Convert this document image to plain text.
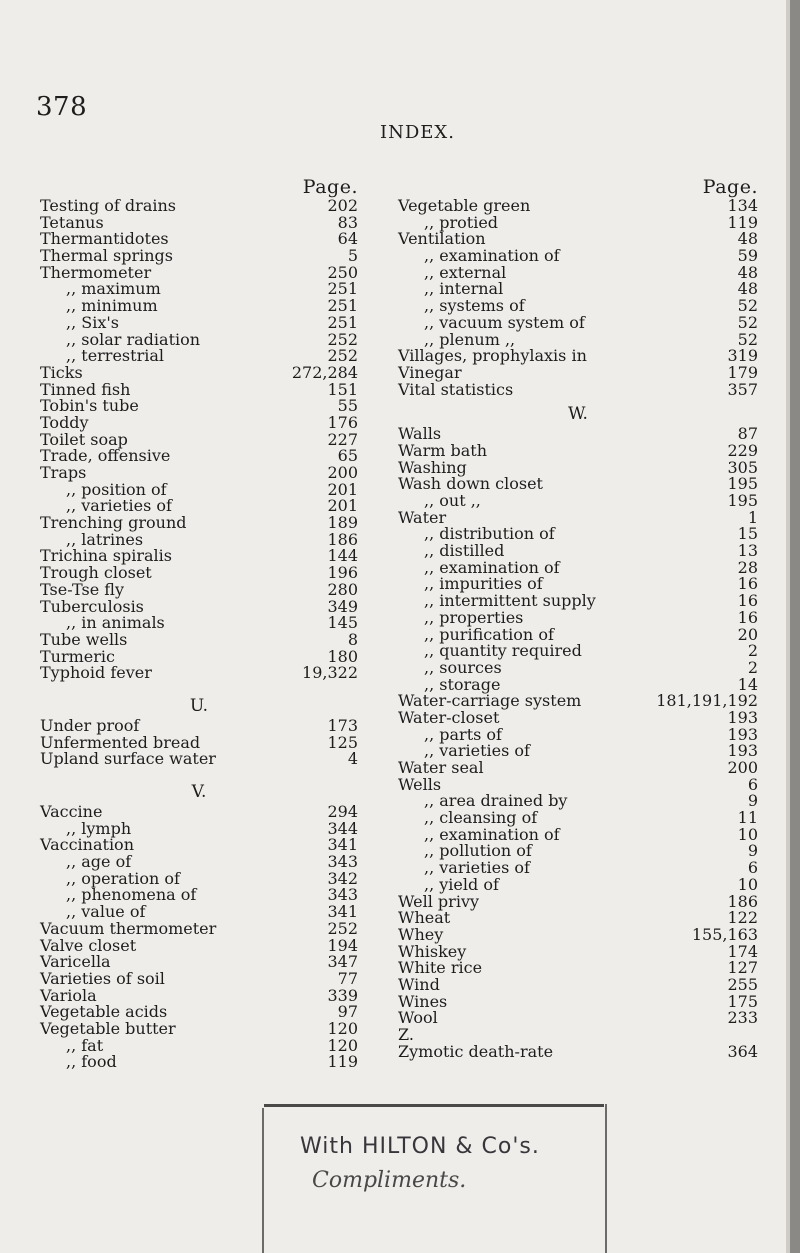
378
INDEX.
Page.
Testing of drains	202
Tetanus	83
Thermantidotes	64
Thermal springs	5
Thermometer	250
,, maximum	251
,, minimum	251
,, Six's	251
,, solar radiation	252
,, terrestrial	252
Ticks	272,284
Tinned fish	151
Tobin's tube	55
Toddy	176
Toilet soap	227
Trade, offensive	65
Traps	200
,, position of	201
,, varieties of	201
Trenching ground	189
,, latrines	186
Trichina spiralis	144
Trough closet	196
Tse-Tse fly	280
Tuberculosis	349
,, in animals	145
Tube wells	8
Turmeric	180
Typhoid fever	19,322
U.
Under proof	173
Unfermented bread	125
Upland surface water	4
V.
Vaccine	294
,, lymph	344
Vaccination	341
,, age of	343
,, operation of	342
,, phenomena of	343
,, value of	341
Vacuum thermometer	252
Valve closet	194
Varicella	347
Varieties of soil	77
Variola	339
Vegetable acids	97
Vegetable butter	120
,, fat	120
,, food	119
Page.
Vegetable green	134
,, protied	119
Ventilation	48
,, examination of	59
,, external	48
,, internal	48
,, systems of	52
,, vacuum system of	52
,, plenum ,,	52
Villages, prophylaxis in	319
Vinegar	179
Vital statistics	357
W.
Walls	87
Warm bath	229
Washing	305
Wash down closet	195
,, out ,,	195
Water	1
,, distribution of	15
,, distilled	13
,, examination of	28
,, impurities of	16
,, intermittent supply	16
,, properties	16
,, purification of	20
,, quantity required	2
,, sources	2
,, storage	14
Water-carriage system	181,191,192
Water-closet	193
,, parts of	193
,, varieties of	193
Water seal	200
Wells	6
,, area drained by	9
,, cleansing of	11
,, examination of	10
,, pollution of	9
,, varieties of	6
,, yield of	10
Well privy	186
Wheat	122
Whey	155,163
Whiskey	174
White rice	127
Wind	255
Wines	175
Wool	233
Z.
Zymotic death-rate	364
With HILTON & Co's.
Compliments.
